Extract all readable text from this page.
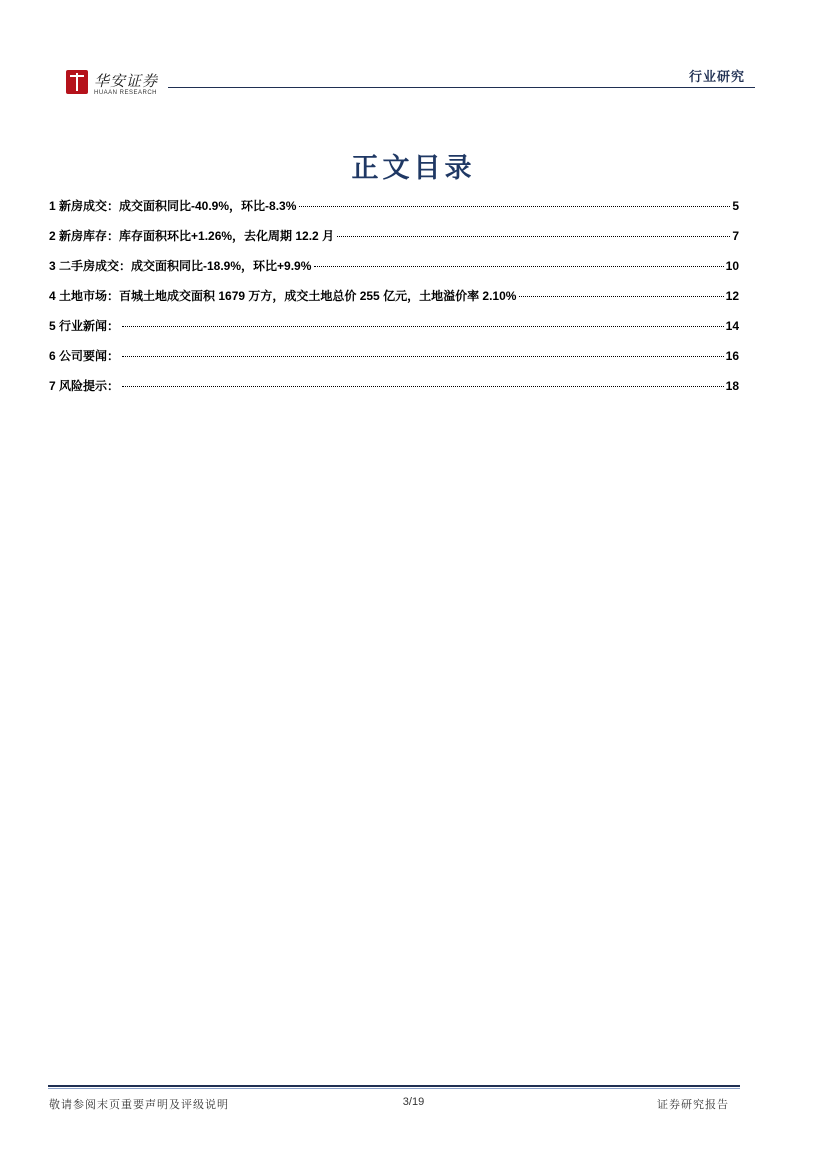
华安证券
HUAAN RESEARCH
行业研究
正文目录
1 新房成交：成交面积同比-40.9%，环比-8.3%	5
2 新房库存：库存面积环比+1.26%，去化周期 12.2 月	7
3 二手房成交：成交面积同比-18.9%，环比+9.9%	10
4 土地市场：百城土地成交面积 1679 万方，成交土地总价 255 亿元，土地溢价率 2.10%	12
5 行业新闻：	14
6 公司要闻：	16
7 风险提示：	18
敬请参阅末页重要声明及评级说明	3/19	证券研究报告
